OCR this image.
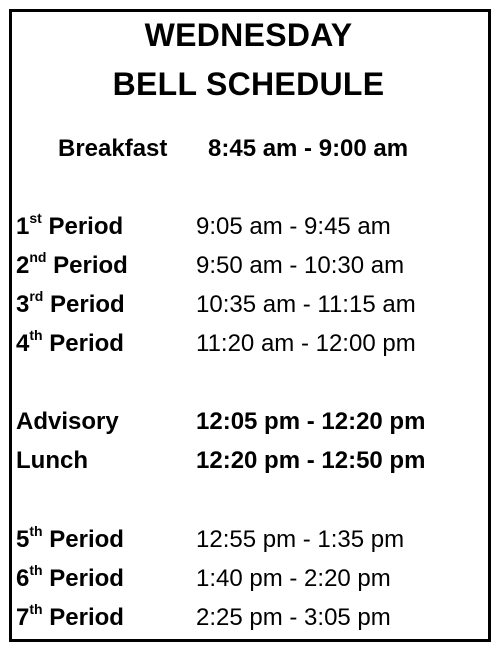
WEDNESDAY
BELL SCHEDULE
Breakfast 8:45 am - 9:00 am
1st Period	9:05 am - 9:45 am
2nd Period	9:50 am - 10:30 am
3rd Period	10:35 am - 11:15 am
4th Period	11:20 am - 12:00 pm
Advisory	12:05 pm - 12:20 pm
Lunch	12:20 pm - 12:50 pm
5th Period	12:55 pm - 1:35 pm
6th Period	1:40 pm - 2:20 pm
7th Period	2:25 pm - 3:05 pm
